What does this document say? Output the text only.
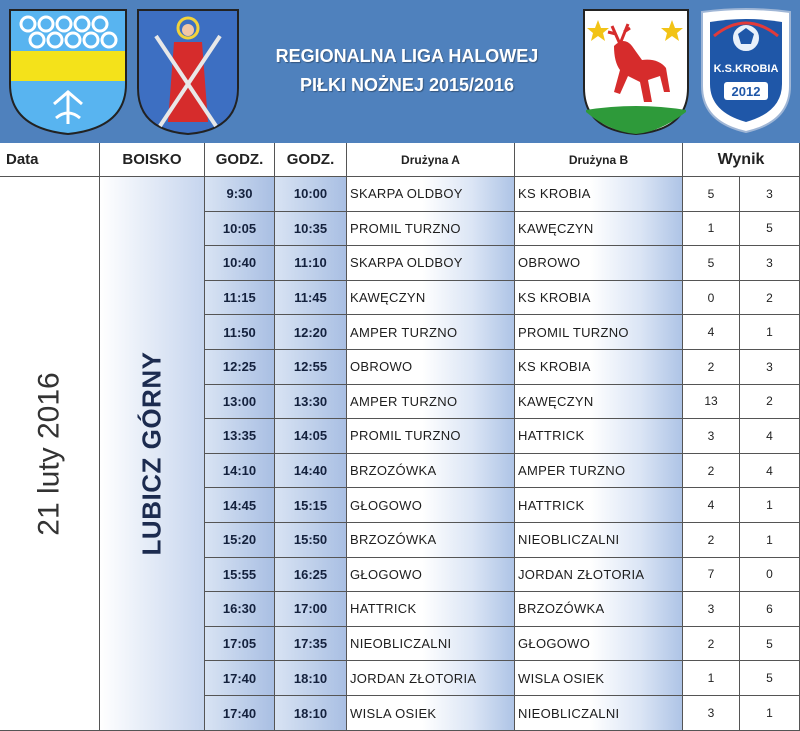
REGIONALNA LIGA HALOWEJ
PIŁKI NOŻNEJ 2015/2016
K.S.KROBIA
2012
Data	BOISKO	GODZ.	GODZ.	Drużyna A	Drużyna B	Wynik
21 luty 2016	LUBICZ GÓRNY
9:30	10:00	SKARPA OLDBOY	KS KROBIA	5	3
10:05	10:35	PROMIL TURZNO	KAWĘCZYN	1	5
10:40	11:10	SKARPA OLDBOY	OBROWO	5	3
11:15	11:45	KAWĘCZYN	KS KROBIA	0	2
11:50	12:20	AMPER TURZNO	PROMIL TURZNO	4	1
12:25	12:55	OBROWO	KS KROBIA	2	3
13:00	13:30	AMPER TURZNO	KAWĘCZYN	13	2
13:35	14:05	PROMIL TURZNO	HATTRICK	3	4
14:10	14:40	BRZOZÓWKA	AMPER TURZNO	2	4
14:45	15:15	GŁOGOWO	HATTRICK	4	1
15:20	15:50	BRZOZÓWKA	NIEOBLICZALNI	2	1
15:55	16:25	GŁOGOWO	JORDAN ZŁOTORIA	7	0
16:30	17:00	HATTRICK	BRZOZÓWKA	3	6
17:05	17:35	NIEOBLICZALNI	GŁOGOWO	2	5
17:40	18:10	JORDAN ZŁOTORIA	WISLA OSIEK	1	5
17:40	18:10	WISLA OSIEK	NIEOBLICZALNI	3	1
